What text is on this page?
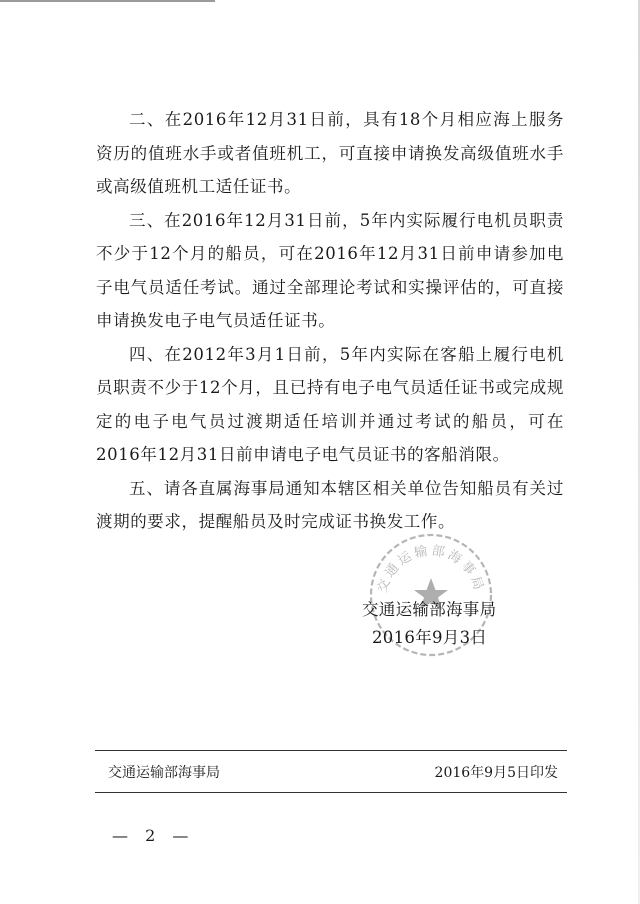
二、在2016年12月31日前，具有18个月相应海上服务资历的值班水手或者值班机工，可直接申请换发高级值班水手或高级值班机工适任证书。

三、在2016年12月31日前，5年内实际履行电机员职责不少于12个月的船员，可在2016年12月31日前申请参加电子电气员适任考试。通过全部理论考试和实操评估的，可直接申请换发电子电气员适任证书。

四、在2012年3月1日前，5年内实际在客船上履行电机员职责不少于12个月，且已持有电子电气员适任证书或完成规定的电子电气员过渡期适任培训并通过考试的船员，可在2016年12月31日前申请电子电气员证书的客船消限。

五、请各直属海事局通知本辖区相关单位告知船员有关过渡期的要求，提醒船员及时完成证书换发工作。

交通运输部海事局
交通运输部海事局
2016年9月3日
交通运输部海事局	2016年9月5日印发
— 2 —
